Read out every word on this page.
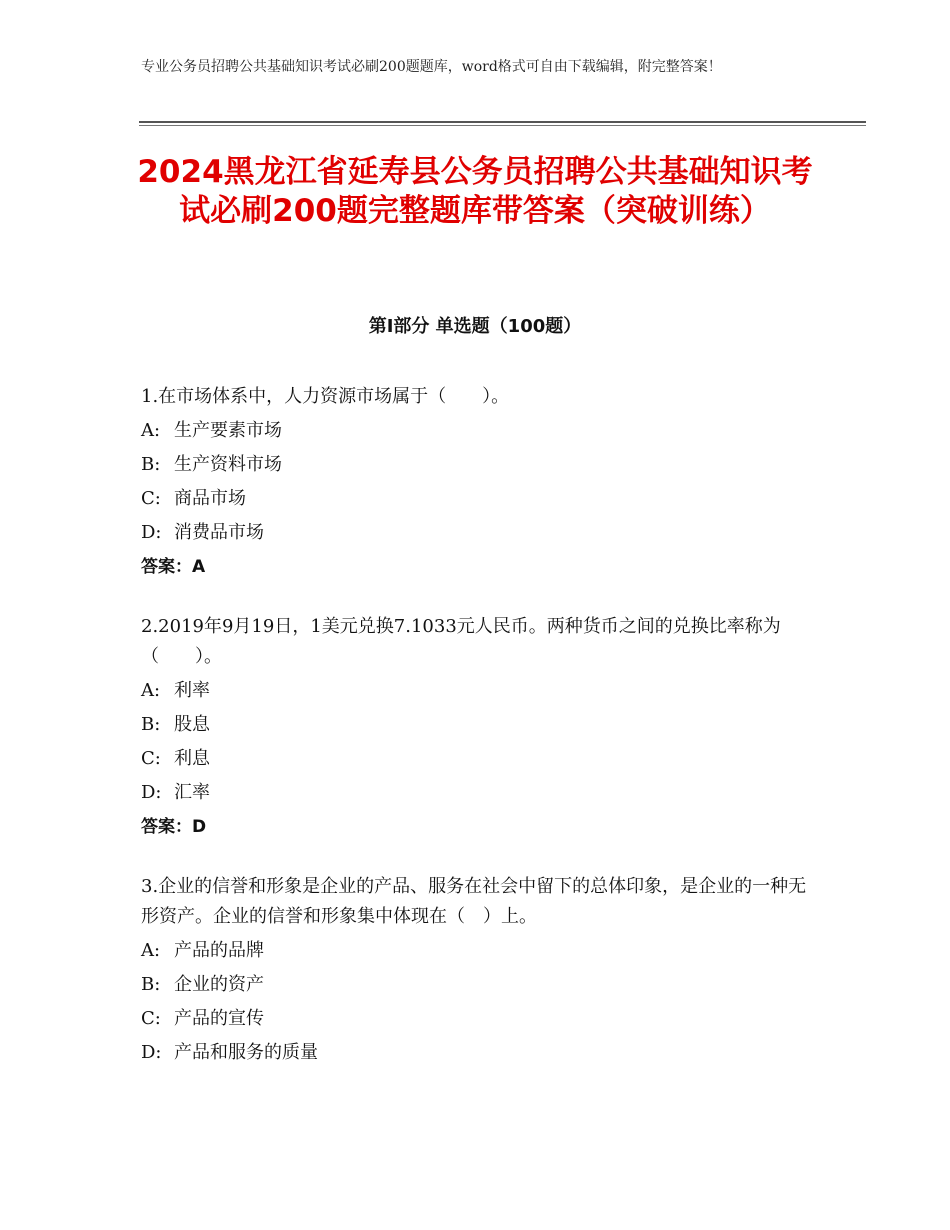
专业公务员招聘公共基础知识考试必刷200题题库，word格式可自由下载编辑，附完整答案！
2024黑龙江省延寿县公务员招聘公共基础知识考试必刷200题完整题库带答案（突破训练）
第Ⅰ部分 单选题（100题）

1.在市场体系中，人力资源市场属于（　　）。

A: 生产要素市场
B: 生产资料市场
C: 商品市场
D: 消费品市场
答案：A

2.2019年9月19日，1美元兑换7.1033元人民币。两种货币之间的兑换比率称为（　　）。

A: 利率
B: 股息
C: 利息
D: 汇率
答案：D

3.企业的信誉和形象是企业的产品、服务在社会中留下的总体印象，是企业的一种无形资产。企业的信誉和形象集中体现在（　）上。

A: 产品的品牌
B: 企业的资产
C: 产品的宣传
D: 产品和服务的质量
